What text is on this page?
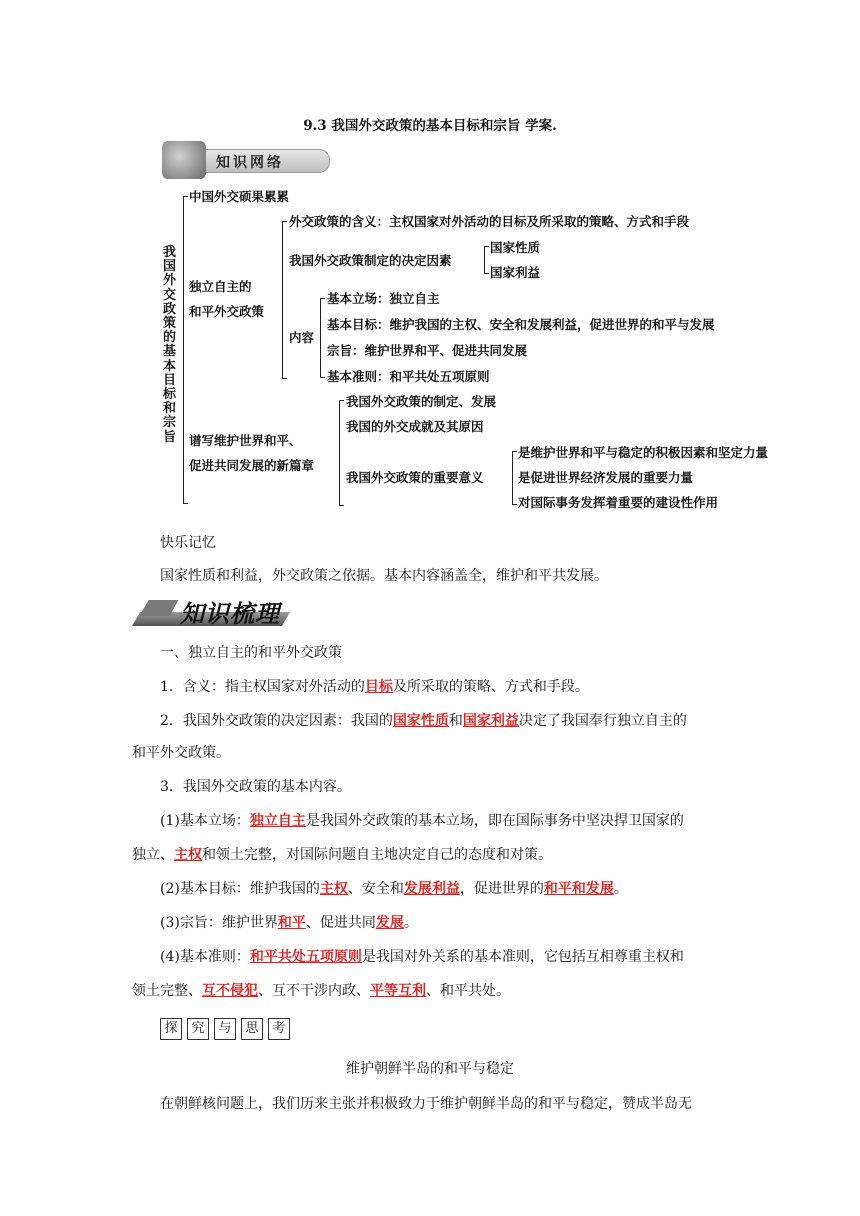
9.3 我国外交政策的基本目标和宗旨 学案.
知识网络
我国外交政策的基本目标和宗旨
中国外交硕果累累
独立自主的
和平外交政策
外交政策的含义：主权国家对外活动的目标及所采取的策略、方式和手段
我国外交政策制定的决定因素
国家性质
国家利益
内容
基本立场：独立自主
基本目标：维护我国的主权、安全和发展利益，促进世界的和平与发展
宗旨：维护世界和平、促进共同发展
基本准则：和平共处五项原则
谱写维护世界和平、
促进共同发展的新篇章
我国外交政策的制定、发展
我国的外交成就及其原因
我国外交政策的重要意义
是维护世界和平与稳定的积极因素和坚定力量
是促进世界经济发展的重要力量
对国际事务发挥着重要的建设性作用
快乐记忆
国家性质和利益，外交政策之依据。基本内容涵盖全，维护和平共发展。
知识梳理
一、独立自主的和平外交政策
1．含义：指主权国家对外活动的目标及所采取的策略、方式和手段。
2．我国外交政策的决定因素：我国的国家性质和国家利益决定了我国奉行独立自主的
和平外交政策。
3．我国外交政策的基本内容。
(1)基本立场：独立自主是我国外交政策的基本立场，即在国际事务中坚决捍卫国家的
独立、主权和领土完整，对国际问题自主地决定自己的态度和对策。
(2)基本目标：维护我国的主权、安全和发展利益，促进世界的和平和发展。
(3)宗旨：维护世界和平、促进共同发展。
(4)基本准则：和平共处五项原则是我国对外关系的基本准则，它包括互相尊重主权和
领土完整、互不侵犯、互不干涉内政、平等互利、和平共处。
探	究	与	思	考
维护朝鲜半岛的和平与稳定
在朝鲜核问题上，我们历来主张并积极致力于维护朝鲜半岛的和平与稳定，赞成半岛无
